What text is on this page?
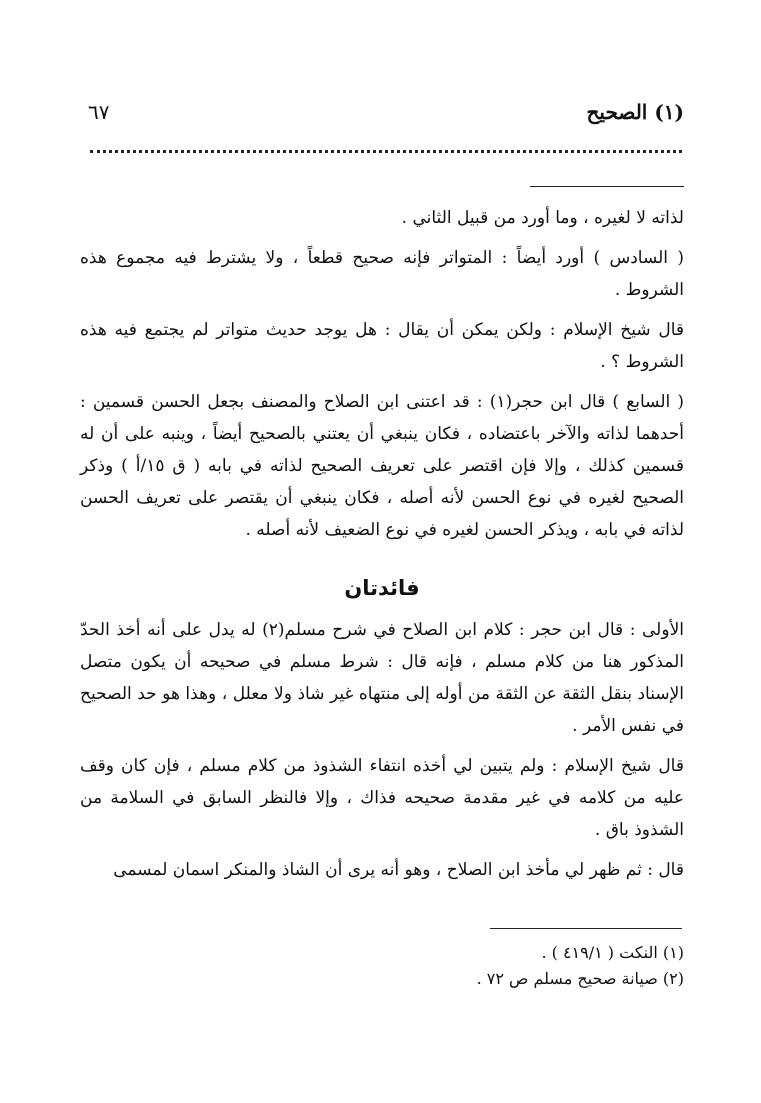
(١) الصحيح
٦٧

لذاته لا لغيره ، وما أورد من قبيل الثاني .

( السادس ) أورد أيضاً : المتواتر فإنه صحيح قطعاً ، ولا يشترط فيه مجموع هذه الشروط .

قال شيخ الإسلام : ولكن يمكن أن يقال : هل يوجد حديث متواتر لم يجتمع فيه هذه الشروط ؟ .

( السابع ) قال ابن حجر(١) : قد اعتنى ابن الصلاح والمصنف بجعل الحسن قسمين : أحدهما لذاته والآخر باعتضاده ، فكان ينبغي أن يعتني بالصحيح أيضاً ، وينبه على أن له قسمين كذلك ، وإلا فإن اقتصر على تعريف الصحيح لذاته في بابه ( ق ١٥/أ ) وذكر الصحيح لغيره في نوع الحسن لأنه أصله ، فكان ينبغي أن يقتصر على تعريف الحسن لذاته في بابه ، ويذكر الحسن لغيره في نوع الضعيف لأنه أصله .

فائدتان

الأولى : قال ابن حجر : كلام ابن الصلاح في شرح مسلم(٢) له يدل على أنه أخذ الحدّ المذكور هنا من كلام مسلم ، فإنه قال : شرط مسلم في صحيحه أن يكون متصل الإسناد بنقل الثقة عن الثقة من أوله إلى منتهاه غير شاذ ولا معلل ، وهذا هو حد الصحيح في نفس الأمر .

قال شيخ الإسلام : ولم يتبين لي أخذه انتفاء الشذوذ من كلام مسلم ، فإن كان وقف عليه من كلامه في غير مقدمة صحيحه فذاك ، وإلا فالنظر السابق في السلامة من الشذوذ باق .

قال : ثم ظهر لي مأخذ ابن الصلاح ، وهو أنه يرى أن الشاذ والمنكر اسمان لمسمى

(١) النكت ( ٤١٩/١ ) .
(٢) صيانة صحيح مسلم ص ٧٢ .
